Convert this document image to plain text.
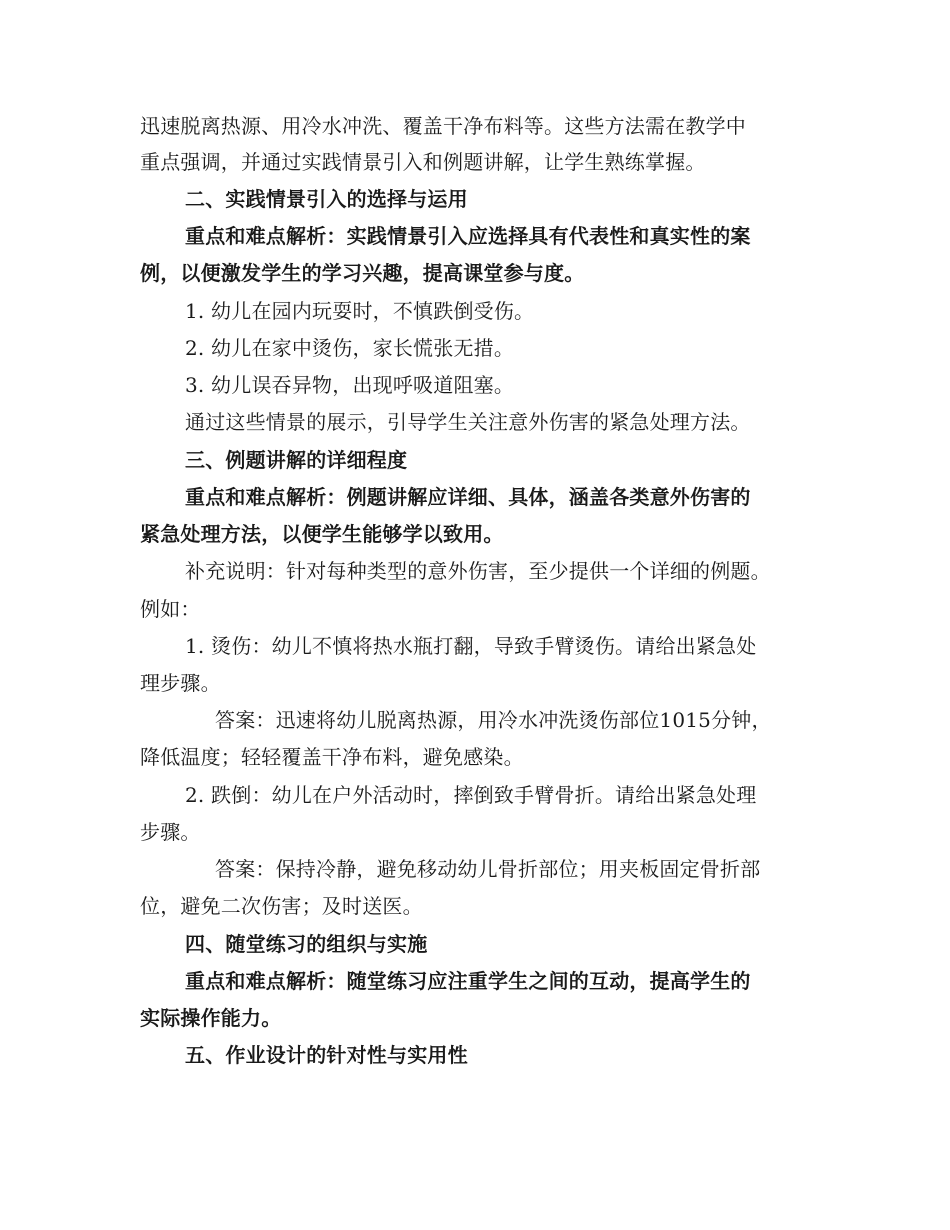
迅速脱离热源、用冷水冲洗、覆盖干净布料等。这些方法需在教学中
重点强调，并通过实践情景引入和例题讲解，让学生熟练掌握。
二、实践情景引入的选择与运用
重点和难点解析：实践情景引入应选择具有代表性和真实性的案
例，以便激发学生的学习兴趣，提高课堂参与度。
1. 幼儿在园内玩耍时，不慎跌倒受伤。
2. 幼儿在家中烫伤，家长慌张无措。
3. 幼儿误吞异物，出现呼吸道阻塞。
通过这些情景的展示，引导学生关注意外伤害的紧急处理方法。
三、例题讲解的详细程度
重点和难点解析：例题讲解应详细、具体，涵盖各类意外伤害的
紧急处理方法，以便学生能够学以致用。
补充说明：针对每种类型的意外伤害，至少提供一个详细的例题。
例如：
1. 烫伤：幼儿不慎将热水瓶打翻，导致手臂烫伤。请给出紧急处
理步骤。
答案：迅速将幼儿脱离热源，用冷水冲洗烫伤部位1015分钟，
降低温度；轻轻覆盖干净布料，避免感染。
2. 跌倒：幼儿在户外活动时，摔倒致手臂骨折。请给出紧急处理
步骤。
答案：保持冷静，避免移动幼儿骨折部位；用夹板固定骨折部
位，避免二次伤害；及时送医。
四、随堂练习的组织与实施
重点和难点解析：随堂练习应注重学生之间的互动，提高学生的
实际操作能力。
五、作业设计的针对性与实用性
